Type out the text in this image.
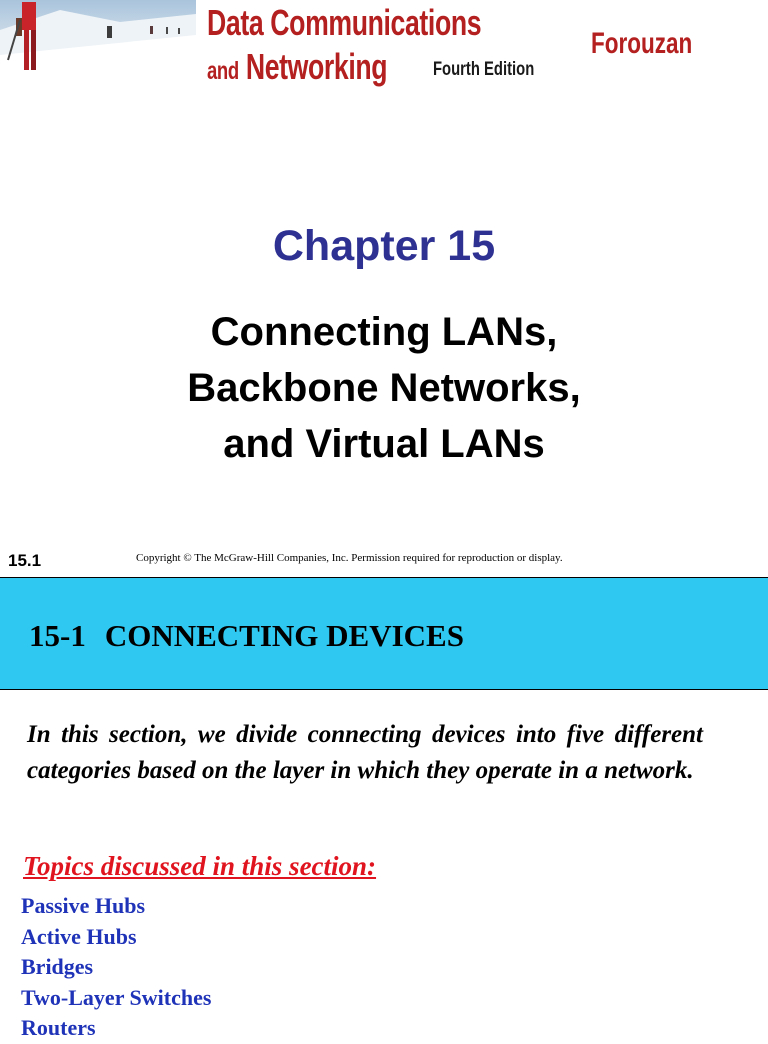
Data Communications
and Networking Fourth Edition
Forouzan
Chapter 15
Connecting LANs,
Backbone Networks,
and Virtual LANs
15.1	Copyright © The McGraw-Hill Companies, Inc. Permission required for reproduction or display.
15-1 CONNECTING DEVICES

In this section, we divide connecting devices into five different categories based on the layer in which they operate in a network.

Topics discussed in this section:
Passive Hubs
Active Hubs
Bridges
Two-Layer Switches
Routers
